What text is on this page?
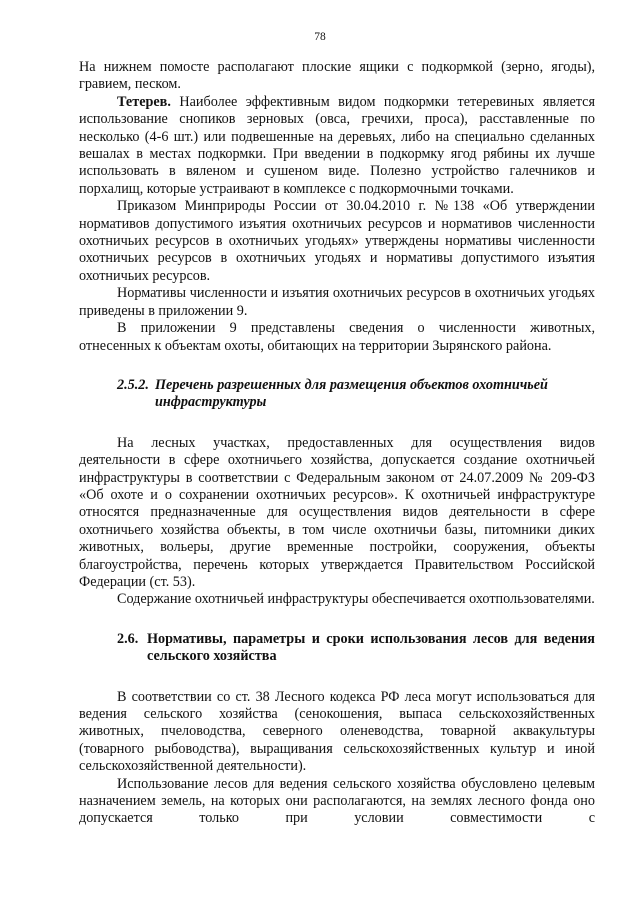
78

На нижнем помосте располагают плоские ящики с подкормкой (зерно, ягоды), гравием, песком.

Тетерев. Наиболее эффективным видом подкормки тетеревиных является использование снопиков зерновых (овса, гречихи, проса), расставленные по несколько (4-6 шт.) или подвешенные на деревьях, либо на специально сделанных вешалах в местах подкормки. При введении в подкормку ягод рябины их лучше использовать в вяленом и сушеном виде. Полезно устройство галечников и порхалищ, которые устраивают в комплексе с подкормочными точками.

Приказом Минприроды России от 30.04.2010 г. №138 «Об утверждении нормативов допустимого изъятия охотничьих ресурсов и нормативов численности охотничьих ресурсов в охотничьих угодьях» утверждены нормативы численности охотничьих ресурсов в охотничьих угодьях и нормативы допустимого изъятия охотничьих ресурсов.

Нормативы численности и изъятия охотничьих ресурсов в охотничьих угодьях приведены в приложении 9.

В приложении 9 представлены сведения о численности животных, отнесенных к объектам охоты, обитающих на территории Зырянского района.

2.5.2. Перечень разрешенных для размещения объектов охотничьей инфраструктуры

На лесных участках, предоставленных для осуществления видов деятельности в сфере охотничьего хозяйства, допускается создание охотничьей инфраструктуры в соответствии с Федеральным законом от 24.07.2009 № 209-ФЗ «Об охоте и о сохранении охотничьих ресурсов». К охотничьей инфраструктуре относятся предназначенные для осуществления видов деятельности в сфере охотничьего хозяйства объекты, в том числе охотничьи базы, питомники диких животных, вольеры, другие временные постройки, сооружения, объекты благоустройства, перечень которых утверждается Правительством Российской Федерации (ст. 53).

Содержание охотничьей инфраструктуры обеспечивается охотпользователями.

2.6. Нормативы, параметры и сроки использования лесов для ведения сельского хозяйства

В соответствии со ст. 38 Лесного кодекса РФ леса могут использоваться для ведения сельского хозяйства (сенокошения, выпаса сельскохозяйственных животных, пчеловодства, северного оленеводства, товарной аквакультуры (товарного рыбоводства), выращивания сельскохозяйственных культур и иной сельскохозяйственной деятельности).

Использование лесов для ведения сельского хозяйства обусловлено целевым назначением земель, на которых они располагаются, на землях лесного фонда оно допускается только при условии совместимости с
